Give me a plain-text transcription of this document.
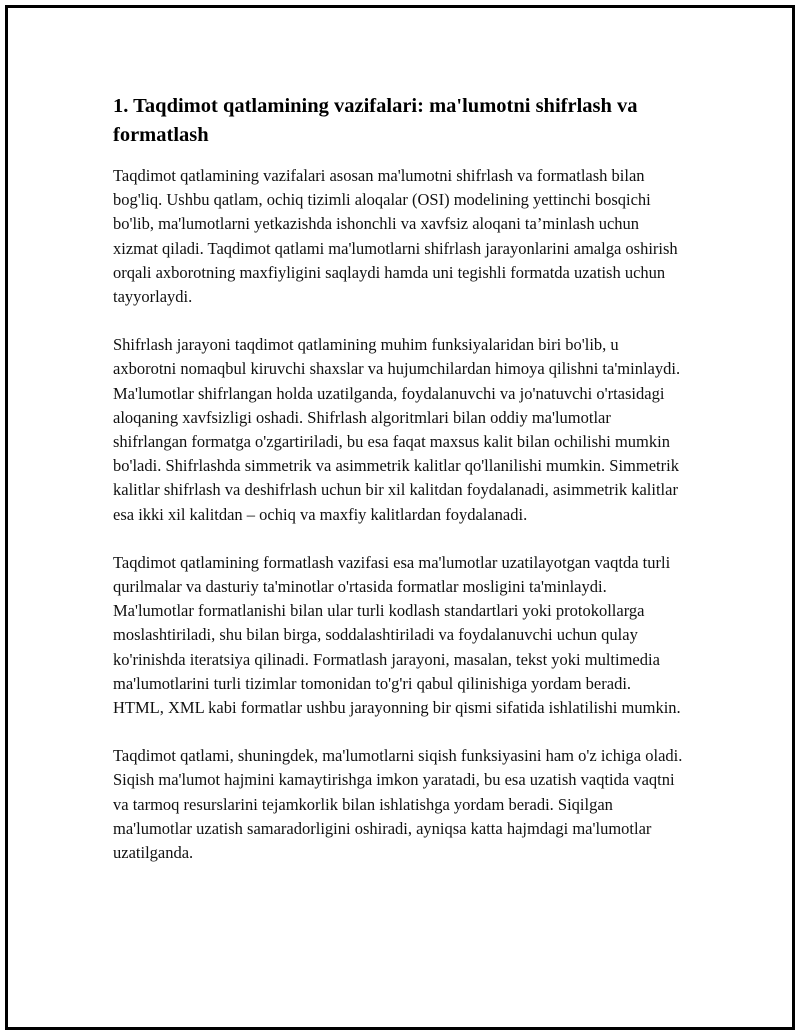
1. Taqdimot qatlamining vazifalari: ma'lumotni shifrlash va formatlash

Taqdimot qatlamining vazifalari asosan ma'lumotni shifrlash va formatlash bilan bog'liq. Ushbu qatlam, ochiq tizimli aloqalar (OSI) modelining yettinchi bosqichi bo'lib, ma'lumotlarni yetkazishda ishonchli va xavfsiz aloqani ta’minlash uchun xizmat qiladi. Taqdimot qatlami ma'lumotlarni shifrlash jarayonlarini amalga oshirish orqali axborotning maxfiyligini saqlaydi hamda uni tegishli formatda uzatish uchun tayyorlaydi.

Shifrlash jarayoni taqdimot qatlamining muhim funksiyalaridan biri bo'lib, u axborotni nomaqbul kiruvchi shaxslar va hujumchilardan himoya qilishni ta'minlaydi. Ma'lumotlar shifrlangan holda uzatilganda, foydalanuvchi va jo'natuvchi o'rtasidagi aloqaning xavfsizligi oshadi. Shifrlash algoritmlari bilan oddiy ma'lumotlar shifrlangan formatga o'zgartiriladi, bu esa faqat maxsus kalit bilan ochilishi mumkin bo'ladi. Shifrlashda simmetrik va asimmetrik kalitlar qo'llanilishi mumkin. Simmetrik kalitlar shifrlash va deshifrlash uchun bir xil kalitdan foydalanadi, asimmetrik kalitlar esa ikki xil kalitdan – ochiq va maxfiy kalitlardan foydalanadi.

Taqdimot qatlamining formatlash vazifasi esa ma'lumotlar uzatilayotgan vaqtda turli qurilmalar va dasturiy ta'minotlar o'rtasida formatlar mosligini ta'minlaydi. Ma'lumotlar formatlanishi bilan ular turli kodlash standartlari yoki protokollarga moslashtiriladi, shu bilan birga, soddalashtiriladi va foydalanuvchi uchun qulay ko'rinishda iteratsiya qilinadi. Formatlash jarayoni, masalan, tekst yoki multimedia ma'lumotlarini turli tizimlar tomonidan to'g'ri qabul qilinishiga yordam beradi. HTML, XML kabi formatlar ushbu jarayonning bir qismi sifatida ishlatilishi mumkin.

Taqdimot qatlami, shuningdek, ma'lumotlarni siqish funksiyasini ham o'z ichiga oladi. Siqish ma'lumot hajmini kamaytirishga imkon yaratadi, bu esa uzatish vaqtida vaqtni va tarmoq resurslarini tejamkorlik bilan ishlatishga yordam beradi. Siqilgan ma'lumotlar uzatish samaradorligini oshiradi, ayniqsa katta hajmdagi ma'lumotlar uzatilganda.
